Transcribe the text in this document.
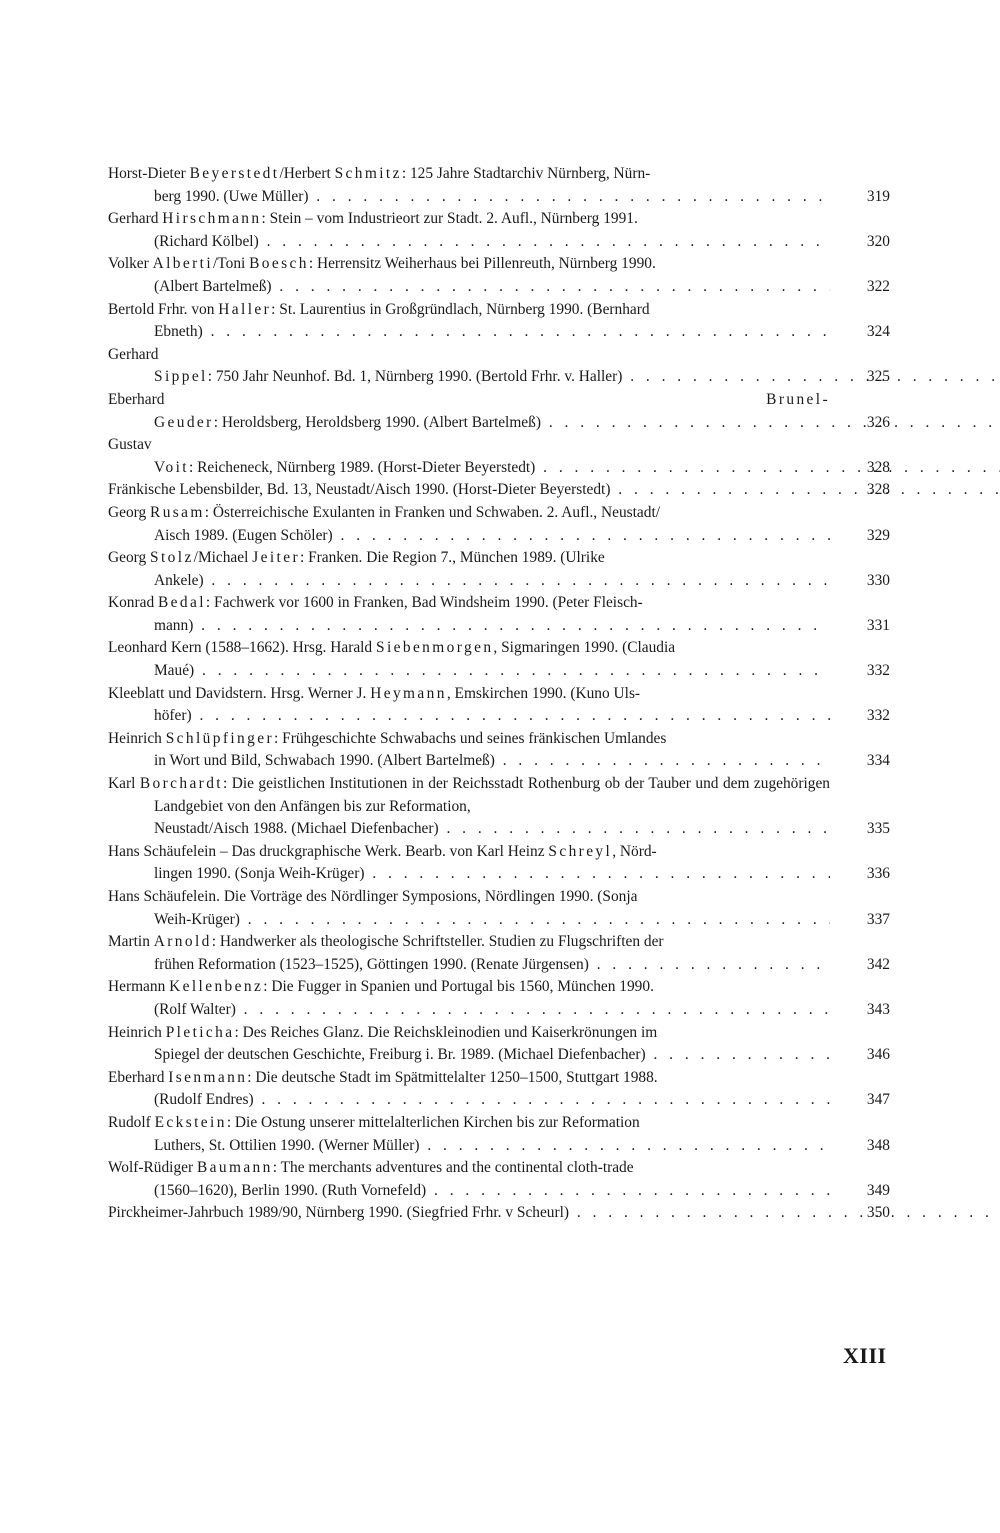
Horst-Dieter Beyerstedt/Herbert Schmitz: 125 Jahre Stadtarchiv Nürnberg, Nürn-
berg 1990. (Uwe Müller) . . .	319
Gerhard Hirschmann: Stein – vom Industrieort zur Stadt. 2. Aufl., Nürnberg 1991.
(Richard Kölbel) . . .	320
Volker Alberti/Toni Boesch: Herrensitz Weiherhaus bei Pillenreuth, Nürnberg 1990.
(Albert Bartelmeß) . . .	322
Bertold Frhr. von Haller: St. Laurentius in Großgründlach, Nürnberg 1990. (Bernhard
Ebneth) . . .	324
Gerhard Sippel: 750 Jahr Neunhof. Bd. 1, Nürnberg 1990. (Bertold Frhr. v. Haller) . . .	325
Eberhard Brunel-Geuder: Heroldsberg, Heroldsberg 1990. (Albert Bartelmeß) . . .	326
Gustav Voit: Reicheneck, Nürnberg 1989. (Horst-Dieter Beyerstedt) . . .	328
Fränkische Lebensbilder, Bd. 13, Neustadt/Aisch 1990. (Horst-Dieter Beyerstedt) . . .	328
Georg Rusam: Österreichische Exulanten in Franken und Schwaben. 2. Aufl., Neustadt/
Aisch 1989. (Eugen Schöler) . . .	329
Georg Stolz/Michael Jeiter: Franken. Die Region 7., München 1989. (Ulrike
Ankele) . . .	330
Konrad Bedal: Fachwerk vor 1600 in Franken, Bad Windsheim 1990. (Peter Fleisch-
mann) . . .	331
Leonhard Kern (1588–1662). Hrsg. Harald Siebenmorgen, Sigmaringen 1990. (Claudia
Maué) . . .	332
Kleeblatt und Davidstern. Hrsg. Werner J. Heymann, Emskirchen 1990. (Kuno Uls-
höfer) . . .	332
Heinrich Schlüpfinger: Frühgeschichte Schwabachs und seines fränkischen Umlandes
in Wort und Bild, Schwabach 1990. (Albert Bartelmeß) . . .	334
Karl Borchardt: Die geistlichen Institutionen in der Reichsstadt Rothenburg ob der Tauber und dem zugehörigen Landgebiet von den Anfängen bis zur Reformation,
Neustadt/Aisch 1988. (Michael Diefenbacher) . . .	335
Hans Schäufelein – Das druckgraphische Werk. Bearb. von Karl Heinz Schreyl, Nörd-
lingen 1990. (Sonja Weih-Krüger) . . .	336
Hans Schäufelein. Die Vorträge des Nördlinger Symposions, Nördlingen 1990. (Sonja
Weih-Krüger) . . .	337
Martin Arnold: Handwerker als theologische Schriftsteller. Studien zu Flugschriften der
frühen Reformation (1523–1525), Göttingen 1990. (Renate Jürgensen) . . .	342
Hermann Kellenbenz: Die Fugger in Spanien und Portugal bis 1560, München 1990.
(Rolf Walter) . . .	343
Heinrich Pleticha: Des Reiches Glanz. Die Reichskleinodien und Kaiserkrönungen im
Spiegel der deutschen Geschichte, Freiburg i. Br. 1989. (Michael Diefenbacher) . . .	346
Eberhard Isenmann: Die deutsche Stadt im Spätmittelalter 1250–1500, Stuttgart 1988.
(Rudolf Endres) . . .	347
Rudolf Eckstein: Die Ostung unserer mittelalterlichen Kirchen bis zur Reformation
Luthers, St. Ottilien 1990. (Werner Müller) . . .	348
Wolf-Rüdiger Baumann: The merchants adventures and the continental cloth-trade
(1560–1620), Berlin 1990. (Ruth Vornefeld) . . .	349
Pirckheimer-Jahrbuch 1989/90, Nürnberg 1990. (Siegfried Frhr. v Scheurl) . . .	350
XIII
